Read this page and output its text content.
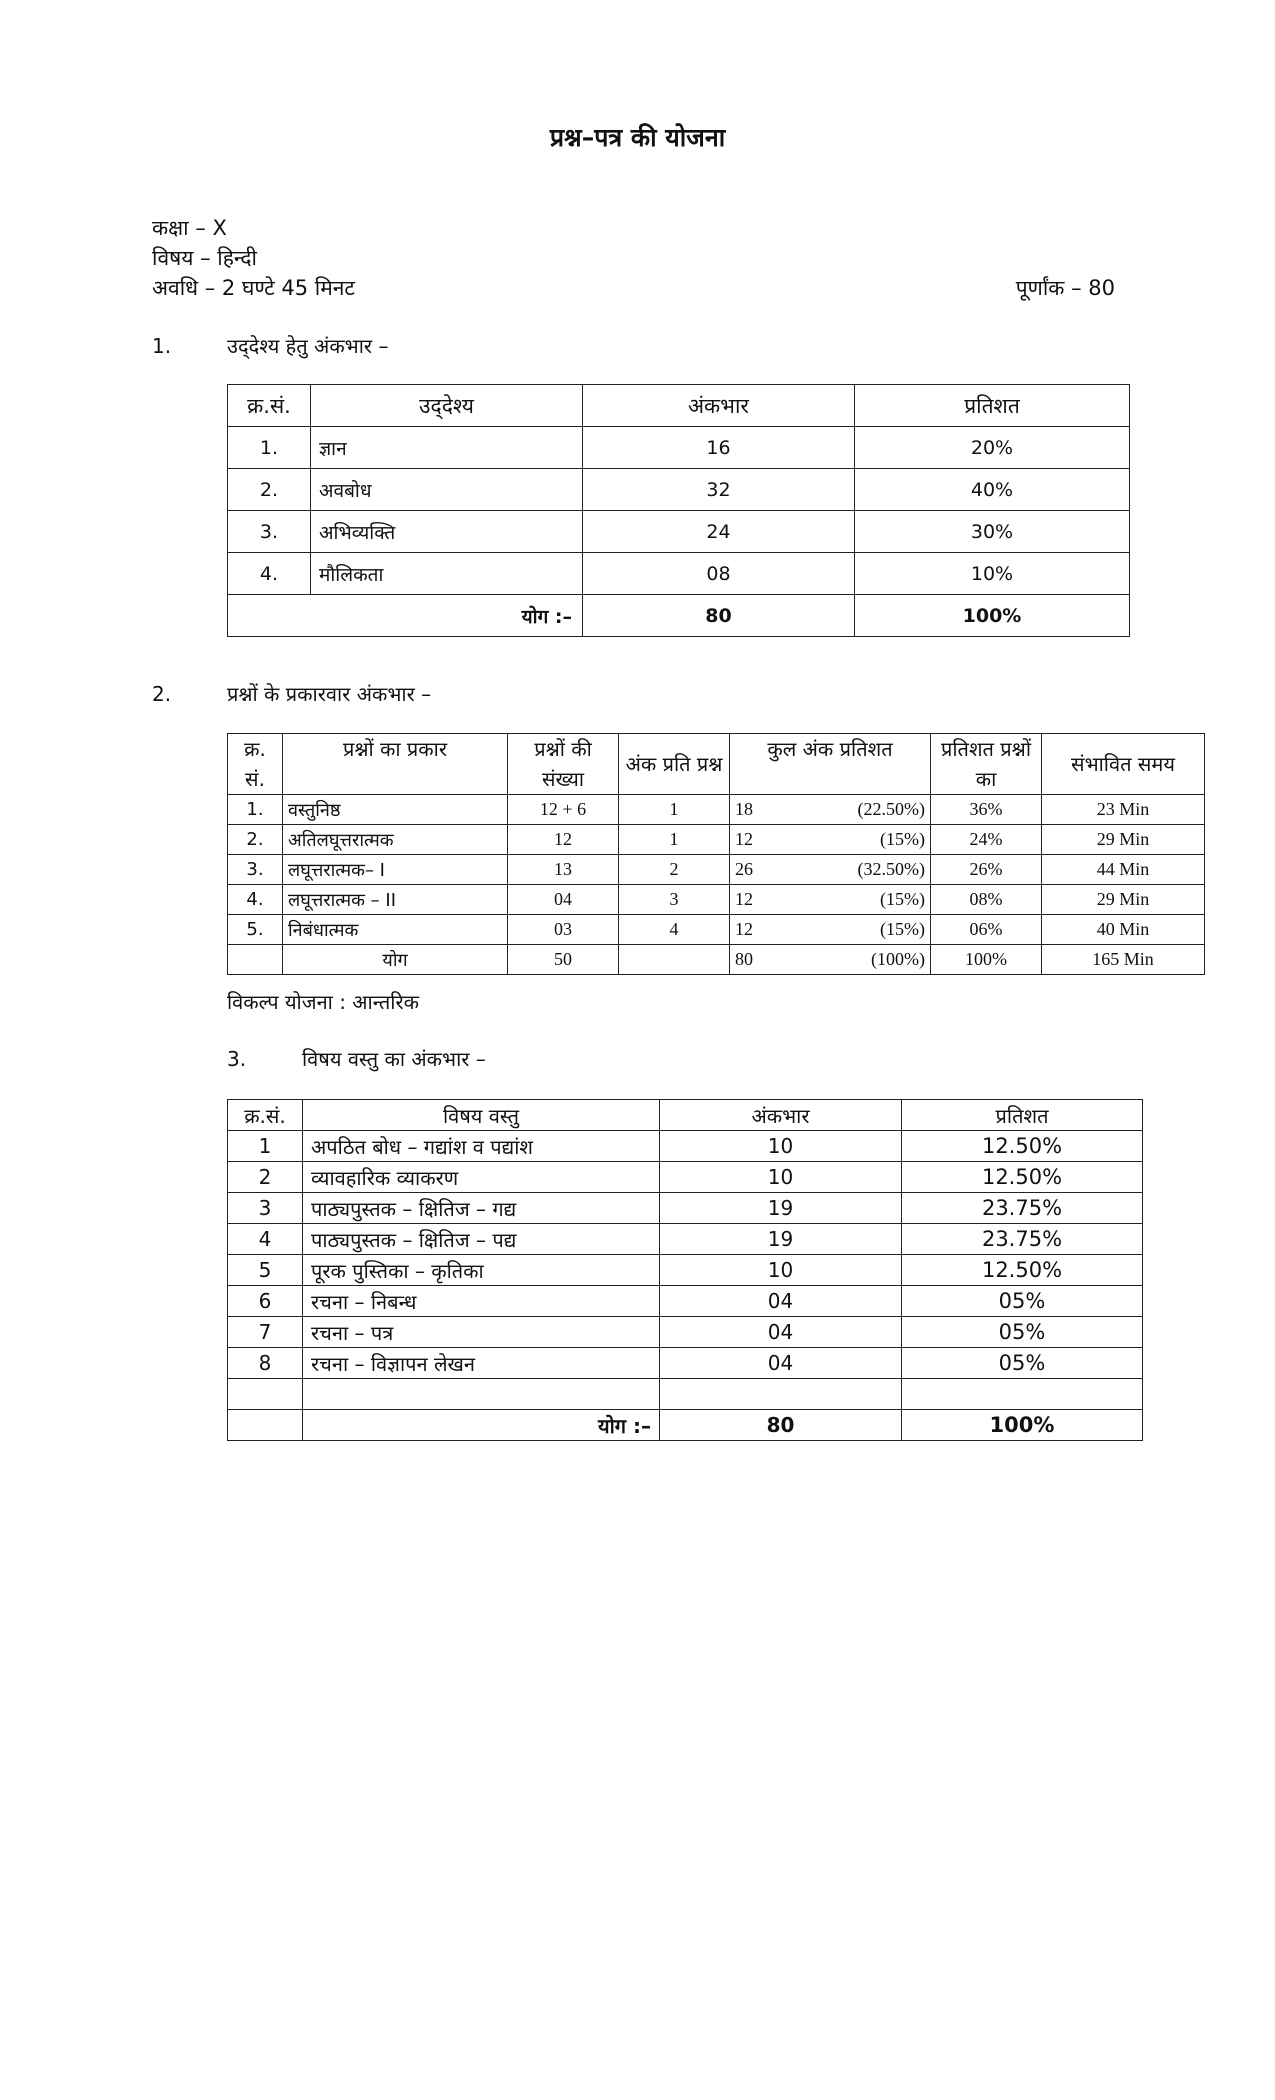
प्रश्न–पत्र की योजना
कक्षा – X
विषय – हिन्दी
अवधि – 2 घण्टे 45 मिनट	पूर्णांक – 80
1.	उद्‌देश्य हेतु अंकभार –
क्र.सं.	उद्‌देश्य	अंकभार	प्रतिशत
1.	ज्ञान	16	20%
2.	अवबोध	32	40%
3.	अभिव्यक्ति	24	30%
4.	मौलिकता	08	10%
योग :–		80	100%
2.	प्रश्नों के प्रकारवार अंकभार –
क्र. सं.	प्रश्नों का प्रकार	प्रश्नों की संख्या	अंक प्रति प्रश्न	कुल अंक प्रतिशत	प्रतिशत प्रश्नों का	संभावित समय
1.	वस्तुनिष्ठ	12 + 6	1	18 (22.50%)	36%	23 Min
2.	अतिलघूत्तरात्मक	12	1	12 (15%)	24%	29 Min
3.	लघूत्तरात्मक– I	13	2	26 (32.50%)	26%	44 Min
4.	लघूत्तरात्मक – II	04	3	12 (15%)	08%	29 Min
5.	निबंधात्मक	03	4	12 (15%)	06%	40 Min
	योग	50		80 (100%)	100%	165 Min
विकल्प योजना : आन्तरिक
3.	विषय वस्तु का अंकभार –
क्र.सं.	विषय वस्तु	अंकभार	प्रतिशत
1	अपठित बोध – गद्यांश व पद्यांश	10	12.50%
2	व्यावहारिक व्याकरण	10	12.50%
3	पाठ्यपुस्तक – क्षितिज – गद्य	19	23.75%
4	पाठ्यपुस्तक – क्षितिज – पद्य	19	23.75%
5	पूरक पुस्तिका – कृतिका	10	12.50%
6	रचना – निबन्ध	04	05%
7	रचना – पत्र	04	05%
8	रचना – विज्ञापन लेखन	04	05%

	योग :–	80	100%
